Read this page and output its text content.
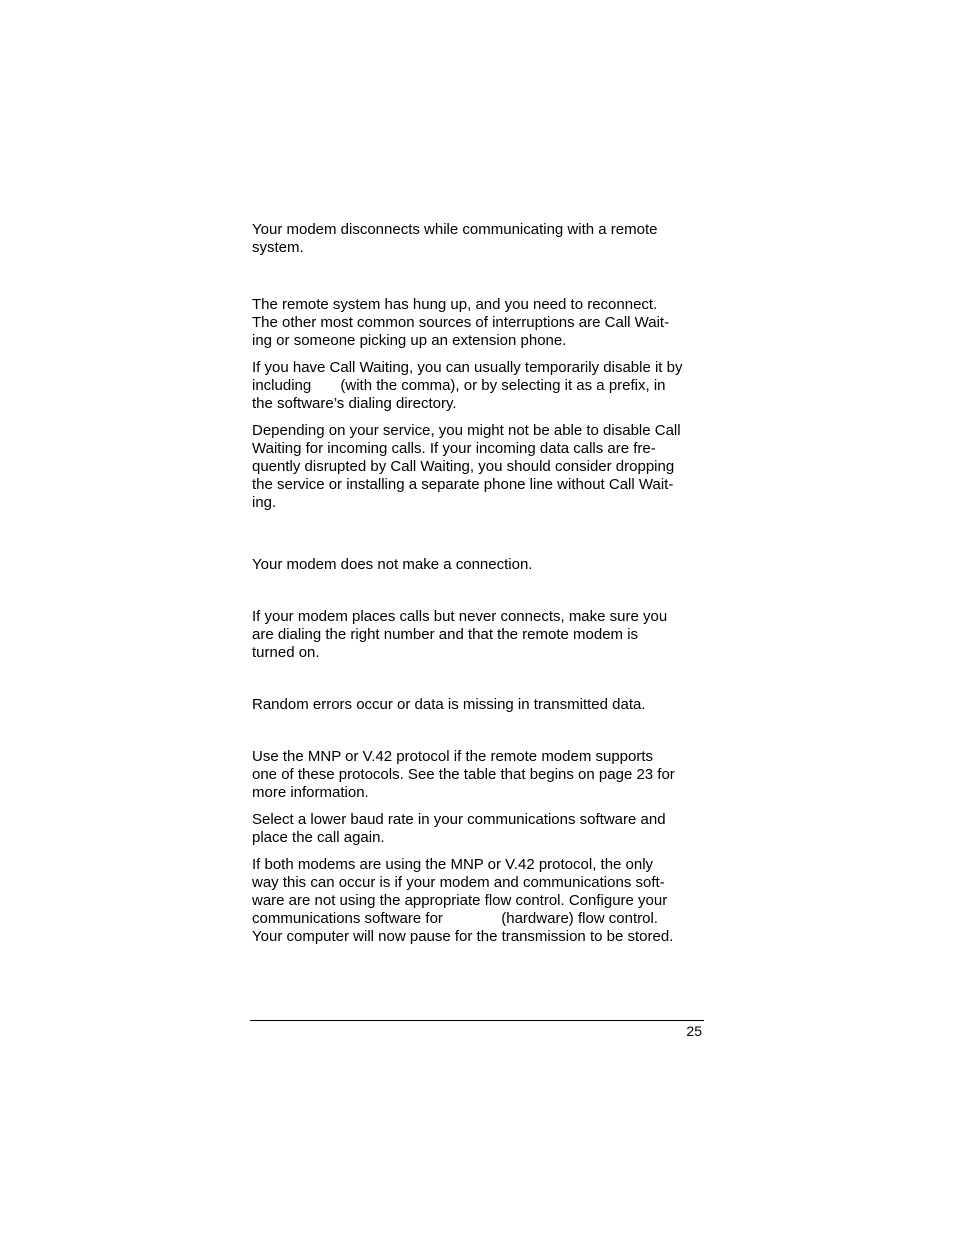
Your modem disconnects while communicating with a remote

system.

The remote system has hung up, and you need to reconnect.

The other most common sources of interruptions are Call Wait-

ing or someone picking up an extension phone.

If you have Call Waiting, you can usually temporarily disable it by

including       (with the comma), or by selecting it as a prefix, in

the software’s dialing directory.

Depending on your service, you might not be able to disable Call

Waiting for incoming calls. If your incoming data calls are fre-

quently disrupted by Call Waiting, you should consider dropping

the service or installing a separate phone line without Call Wait-

ing.

Your modem does not make a connection.

If your modem places calls but never connects, make sure you

are dialing the right number and that the remote modem is

turned on.

Random errors occur or data is missing in transmitted data.

Use the MNP or V.42 protocol if the remote modem supports

one of these protocols. See the table that begins on page 23 for

more information.

Select a lower baud rate in your communications software and

place the call again.

If both modems are using the MNP or V.42 protocol, the only

way this can occur is if your modem and communications soft-

ware are not using the appropriate flow control. Configure your

communications software for              (hardware) flow control.

Your computer will now pause for the transmission to be stored.

25
